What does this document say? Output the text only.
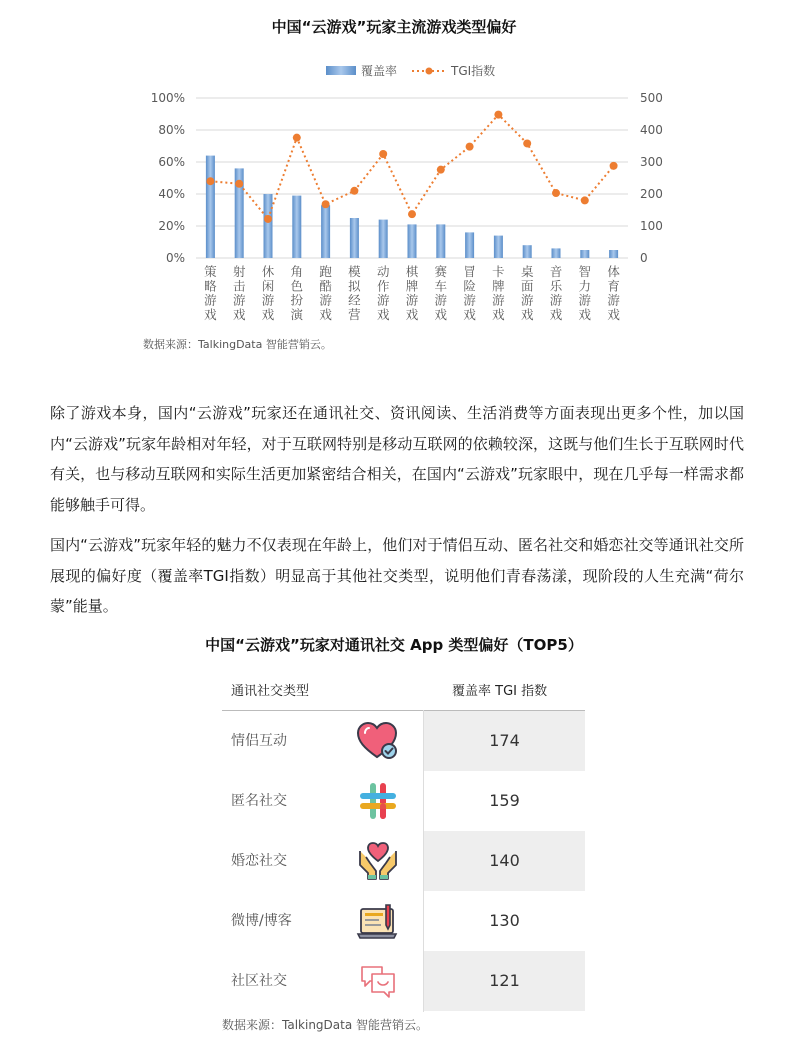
中国“云游戏”玩家主流游戏类型偏好
0%
20%
40%
60%
80%
100%
0
100
200
300
400
500
策略游戏
射击游戏
休闲游戏
角色扮演
跑酷游戏
模拟经营
动作游戏
棋牌游戏
赛车游戏
冒险游戏
卡牌游戏
桌面游戏
音乐游戏
智力游戏
体育游戏
覆盖率	TGI指数
数据来源：TalkingData 智能营销云。
除了游戏本身，国内“云游戏”玩家还在通讯社交、资讯阅读、生活消费等方面表现出更多个性，加以国内“云游戏”玩家年龄相对年轻，对于互联网特别是移动互联网的依赖较深，这既与他们生长于互联网时代有关，也与移动互联网和实际生活更加紧密结合相关，在国内“云游戏”玩家眼中，现在几乎每一样需求都能够触手可得。
国内“云游戏”玩家年轻的魅力不仅表现在年龄上，他们对于情侣互动、匿名社交和婚恋社交等通讯社交所展现的偏好度（覆盖率TGI指数）明显高于其他社交类型，说明他们青春荡漾，现阶段的人生充满“荷尔蒙”能量。
中国“云游戏”玩家对通讯社交 App 类型偏好（TOP5）
通讯社交类型	覆盖率 TGI 指数
情侣互动	174
匿名社交	159
婚恋社交	140
微博/博客	130
社区社交	121
数据来源：TalkingData 智能营销云。
